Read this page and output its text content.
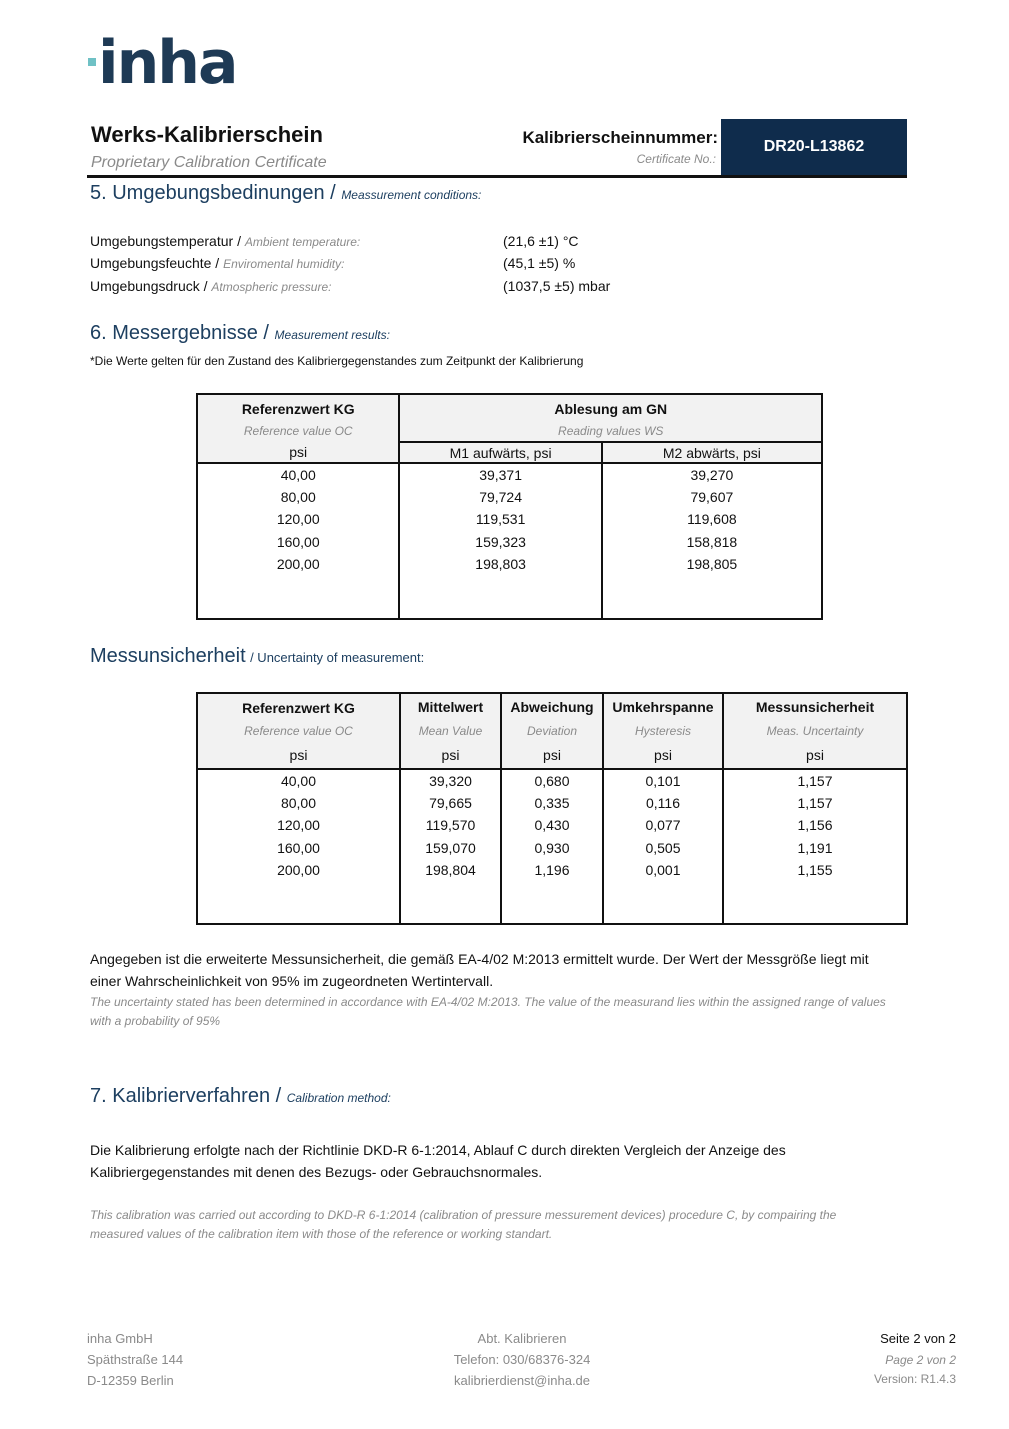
inha
Werks-Kalibrierschein
Proprietary Calibration Certificate
Kalibrierscheinnummer:
Certificate No.:
DR20-L13862
5. Umgebungsbedinungen / Meassurement conditions:
Umgebungstemperatur / Ambient temperature:	(21,6 ±1) °C
Umgebungsfeuchte / Enviromental humidity:	(45,1 ±5) %
Umgebungsdruck / Atmospheric pressure:	(1037,5 ±5) mbar
6. Messergebnisse / Measurement results:
*Die Werte gelten für den Zustand des Kalibriergegenstandes zum Zeitpunkt der Kalibrierung
Referenzwert KG	Ablesung am GN	
Reference value OC	Reading values WS	
psi	M1 aufwärts, psi	M2 abwärts, psi
40,00	39,371	39,270
80,00	79,724	79,607
120,00	119,531	119,608
160,00	159,323	158,818
200,00	198,803	198,805

Messunsicherheit / Uncertainty of measurement:
Referenzwert KG	Mittelwert	Abweichung	Umkehrspanne	Messunsicherheit
Reference value OC	Mean Value	Deviation	Hysteresis	Meas. Uncertainty
psi	psi	psi	psi	psi
40,00	39,320	0,680	0,101	1,157
80,00	79,665	0,335	0,116	1,157
120,00	119,570	0,430	0,077	1,156
160,00	159,070	0,930	0,505	1,191
200,00	198,804	1,196	0,001	1,155

Angegeben ist die erweiterte Messunsicherheit, die gemäß EA-4/02 M:2013 ermittelt wurde. Der Wert der Messgröße liegt mit einer Wahrscheinlichkeit von 95% im zugeordneten Wertintervall.
The uncertainty stated has been determined in accordance with EA-4/02 M:2013. The value of the measurand lies within the assigned range of values with a probability of 95%
7. Kalibrierverfahren / Calibration method:
Die Kalibrierung erfolgte nach der Richtlinie DKD-R 6-1:2014, Ablauf C durch direkten Vergleich der Anzeige des Kalibriergegenstandes mit denen des Bezugs- oder Gebrauchsnormales.
This calibration was carried out according to DKD-R 6-1:2014 (calibration of pressure messurement devices) procedure C, by compairing the measured values of the calibration item with those of the reference or working standart.
inha GmbH
Späthstraße 144
D-12359 Berlin
Abt. Kalibrieren
Telefon: 030/68376-324
kalibrierdienst@inha.de
Seite 2 von 2
Page 2 von 2
Version: R1.4.3
